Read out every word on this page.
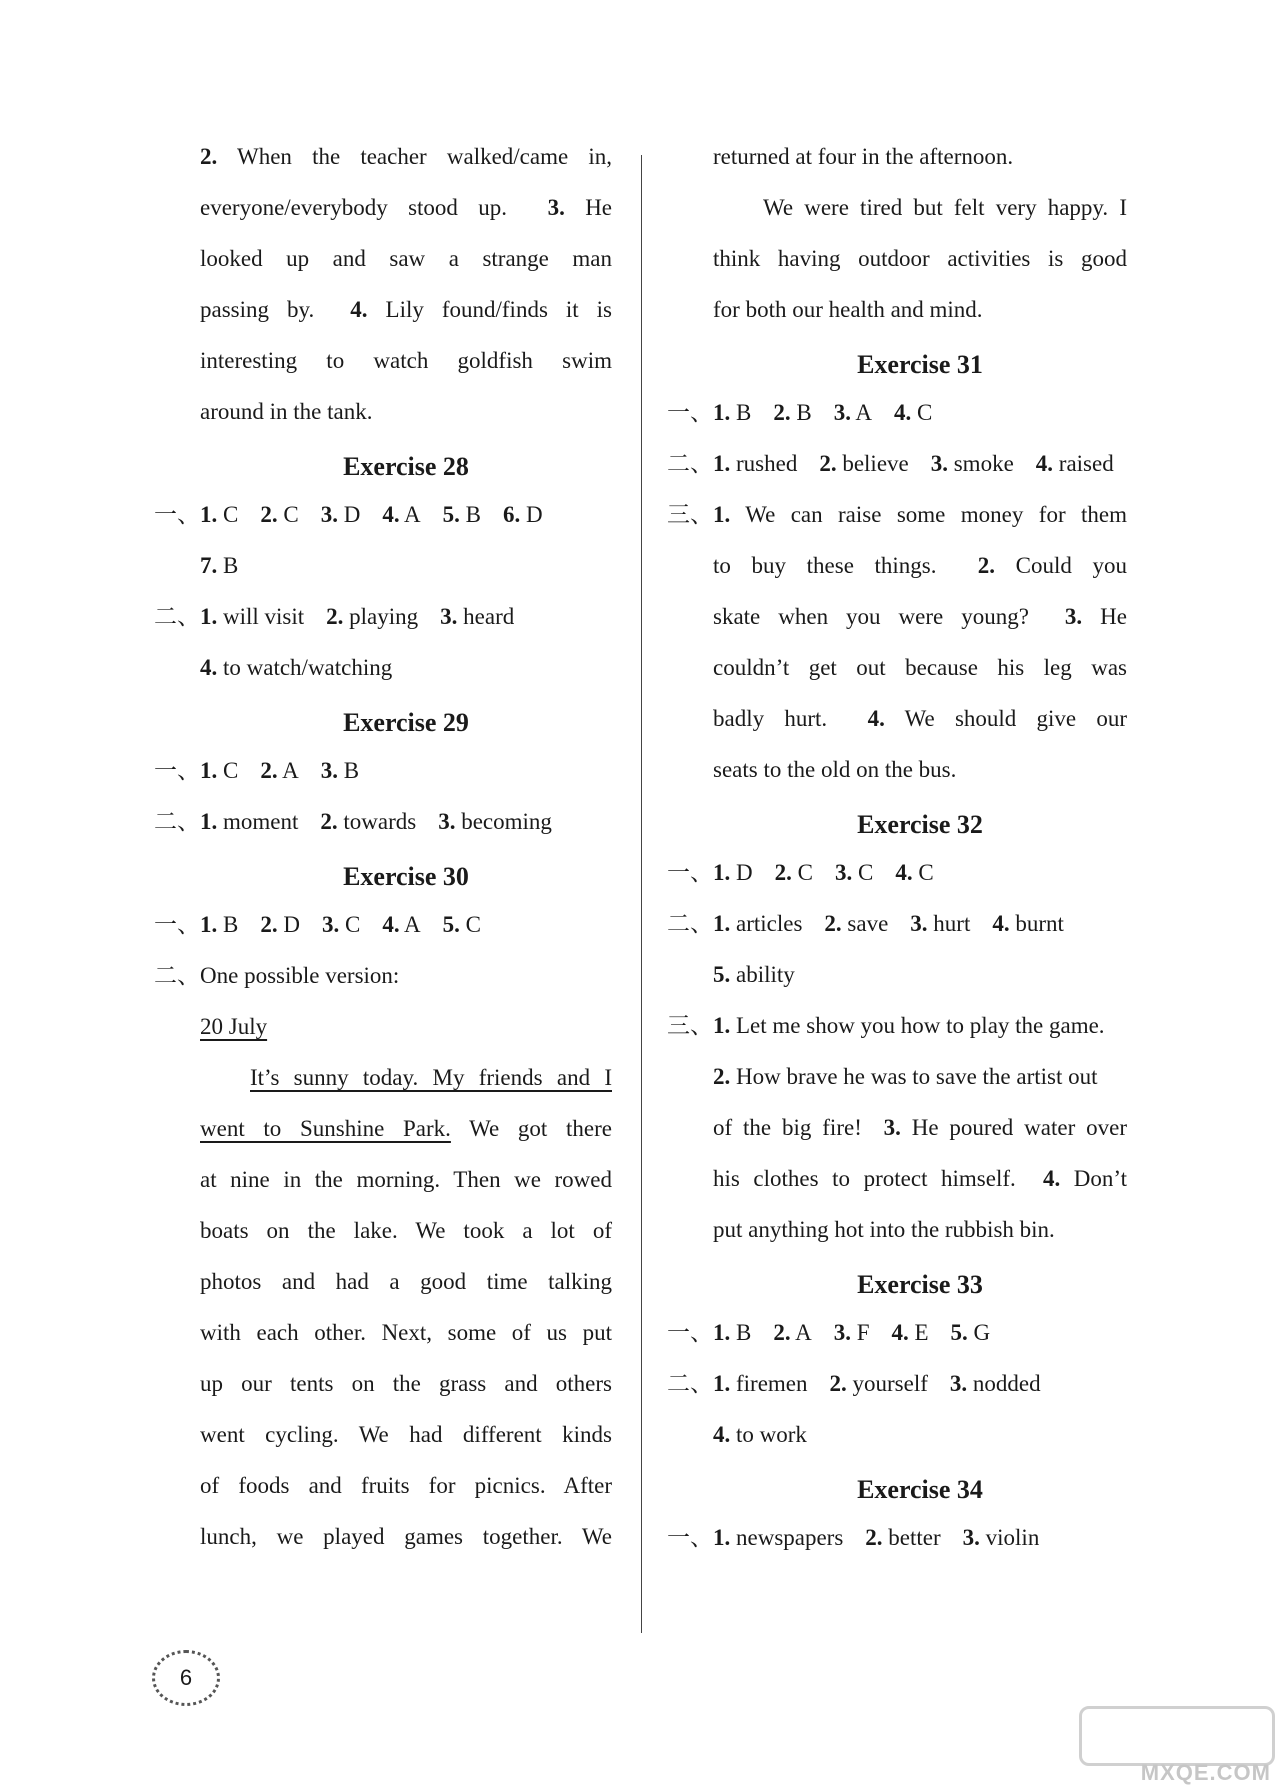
2. When the teacher walked/came in,

everyone/everybody stood up. 3. He

looked up and saw a strange man

passing by. 4. Lily found/finds it is

interesting to watch goldfish swim

around in the tank.

Exercise 28
一、 1. C 2. C 3. D 4. A 5. B 6. D
7. B
二、 1. will visit 2. playing 3. heard
4. to watch/watching
Exercise 29
一、 1. C 2. A 3. B
二、 1. moment 2. towards 3. becoming
Exercise 30
一、 1. B 2. D 3. C 4. A 5. C
二、 One possible version:
20 July

It’s sunny today. My friends and I

went to Sunshine Park. We got there

at nine in the morning. Then we rowed

boats on the lake. We took a lot of

photos and had a good time talking

with each other. Next, some of us put

up our tents on the grass and others

went cycling. We had different kinds

of foods and fruits for picnics. After

lunch, we played games together. We

returned at four in the afternoon.

We were tired but felt very happy. I

think having outdoor activities is good

for both our health and mind.

Exercise 31
一、 1. B 2. B 3. A 4. C
二、 1. rushed 2. believe 3. smoke 4. raised

三、 1. We can raise some money for them

to buy these things. 2. Could you

skate when you were young? 3. He

couldn’t get out because his leg was

badly hurt. 4. We should give our

seats to the old on the bus.

Exercise 32
一、 1. D 2. C 3. C 4. C
二、 1. articles 2. save 3. hurt 4. burnt
5. ability

三、 1. Let me show you how to play the game.

2. How brave he was to save the artist out

of the big fire! 3. He poured water over

his clothes to protect himself. 4. Don’t

put anything hot into the rubbish bin.

Exercise 33
一、 1. B 2. A 3. F 4. E 5. G
二、 1. firemen 2. yourself 3. nodded
4. to work
Exercise 34
一、 1. newspapers 2. better 3. violin
6
MXQE.COM
